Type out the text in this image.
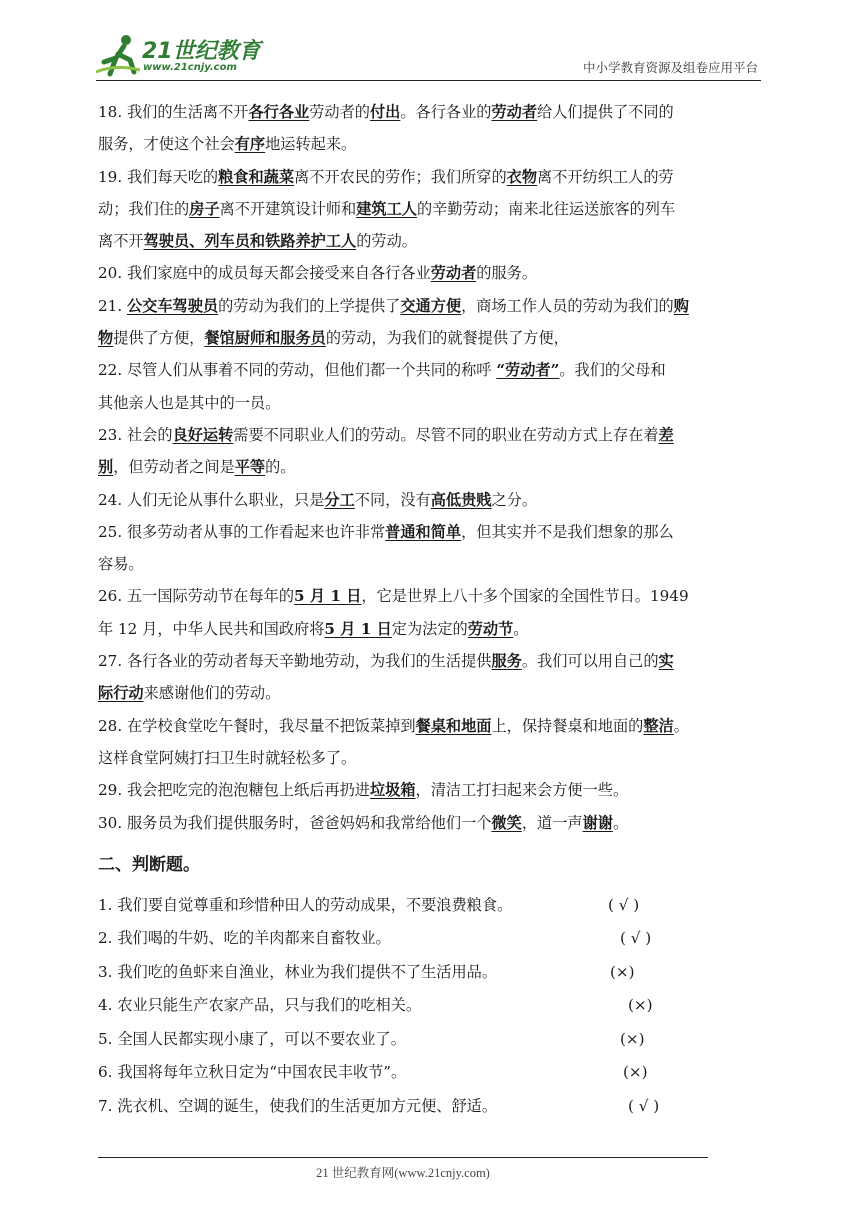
21世纪教育
www.21cnjy.com	中小学教育资源及组卷应用平台
18. 我们的生活离不开各行各业劳动者的付出。各行各业的劳动者给人们提供了不同的
服务，才使这个社会有序地运转起来。
19. 我们每天吃的粮食和蔬菜离不开农民的劳作；我们所穿的衣物离不开纺织工人的劳
动；我们住的房子离不开建筑设计师和建筑工人的辛勤劳动；南来北往运送旅客的列车
离不开驾驶员、列车员和铁路养护工人的劳动。
20. 我们家庭中的成员每天都会接受来自各行各业劳动者的服务。
21. 公交车驾驶员的劳动为我们的上学提供了交通方便，商场工作人员的劳动为我们的购
物提供了方便，餐馆厨师和服务员的劳动，为我们的就餐提供了方便，
22. 尽管人们从事着不同的劳动，但他们都一个共同的称呼 “劳动者”。我们的父母和
其他亲人也是其中的一员。
23. 社会的良好运转需要不同职业人们的劳动。尽管不同的职业在劳动方式上存在着差
别，但劳动者之间是平等的。
24. 人们无论从事什么职业，只是分工不同，没有高低贵贱之分。
25. 很多劳动者从事的工作看起来也许非常普通和简单，但其实并不是我们想象的那么
容易。
26. 五一国际劳动节在每年的5 月 1 日，它是世界上八十多个国家的全国性节日。1949
年 12 月，中华人民共和国政府将5 月 1 日定为法定的劳动节。
27. 各行各业的劳动者每天辛勤地劳动，为我们的生活提供服务。我们可以用自己的实
际行动来感谢他们的劳动。
28. 在学校食堂吃午餐时，我尽量不把饭菜掉到餐桌和地面上，保持餐桌和地面的整洁。
这样食堂阿姨打扫卫生时就轻松多了。
29. 我会把吃完的泡泡糖包上纸后再扔进垃圾箱，清洁工打扫起来会方便一些。
30. 服务员为我们提供服务时，爸爸妈妈和我常给他们一个微笑，道一声谢谢。
二、判断题。
1. 我们要自觉尊重和珍惜种田人的劳动成果，不要浪费粮食。	( √ )
2. 我们喝的牛奶、吃的羊肉都来自畜牧业。	( √ )
3. 我们吃的鱼虾来自渔业，林业为我们提供不了生活用品。	(×)
4. 农业只能生产农家产品，只与我们的吃相关。	(×)
5. 全国人民都实现小康了，可以不要农业了。	(×)
6. 我国将每年立秋日定为“中国农民丰收节”。	(×)
7. 洗衣机、空调的诞生，使我们的生活更加方元便、舒适。	( √ )
21 世纪教育网(www.21cnjy.com)
